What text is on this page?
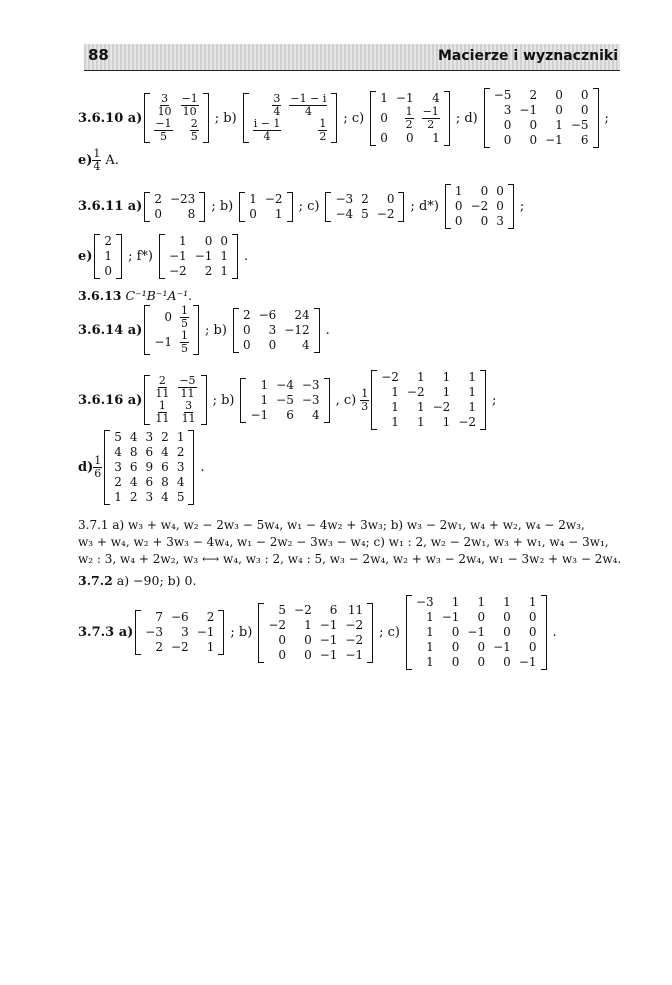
88	Macierze i wyznaczniki
3.6.10 $a) \frac{3}{10}$	$\frac{-1}{10}$

$\frac{-1}{5}$	$\frac{2}{5}$ ; b)	$\frac{3}{4}$	$\frac{-1 - i}{4}$

$\frac{i - 1}{4}$	$\frac{1}{2}$ ; c)
1	−1	4
0	$\frac{1}{2}$	$\frac{-1}{2}$

0	0	1
; d)
−5	2	0	0
3	−1	0	0
0	0	1	−5
0	0	−1	6
;
$e) \frac{1}{4} A$.
3.6.11 a)
2	−23
0	8 ; b)
1	−2
0	1 ; c)
−3	2	0
−4	5	−2 ; d*)
1	0	0
0	−2	0
0	0	3
;
e)
2
1
0
; f*)
1	0	0
−1	−1	1
−2	2	1
.
3.6.14 a)
0	$\frac{1}{5}$

−1	$\frac{1}{5}$ ; b)
2	−6	24
0	3	−12
0	0	4
.
3.6.16 $a) \frac{2}{11}$	$\frac{-5}{11}$

$\frac{1}{11}$	$\frac{3}{11}$ ; b)
1	−4	−3
1	−5	−3
−1	6	4
, $c) \frac{1}{3}$
−2	1	1	1
1	−2	1	1
1	1	−2	1
1	1	1	−2
;
$d) \frac{1}{6}$
5	4	3	2	1
4	8	6	4	2
3	6	9	6	3
2	4	6	8	4
1	2	3	4	5
.
3.7.3 a)
7	−6	2
−3	3	−1
2	−2	1
; b)
5	−2	6	11
−2	1	−1	−2
0	0	−1	−2
0	0	−1	−1
; c)
−3	1	1	1	1
1	−1	0	0	0
1	0	−1	0	0
1	0	0	−1	0
1	0	0	0	−1
.
3.6.13 C⁻¹B⁻¹A⁻¹.
3.7.1 a) w₃ + w₄, w₂ − 2w₃ − 5w₄, w₁ − 4w₂ + 3w₃; b) w₃ − 2w₁, w₄ + w₂, w₄ − 2w₃,
w₃ + w₄, w₂ + 3w₃ − 4w₄, w₁ − 2w₂ − 3w₃ − w₄; c) w₁ : 2, w₂ − 2w₁, w₃ + w₁, w₄ − 3w₁,
w₂ : 3, w₄ + 2w₂, w₃ ⟷ w₄, w₃ : 2, w₄ : 5, w₃ − 2w₄, w₂ + w₃ − 2w₄, w₁ − 3w₂ + w₃ − 2w₄.
3.7.2 a) −90; b) 0.
